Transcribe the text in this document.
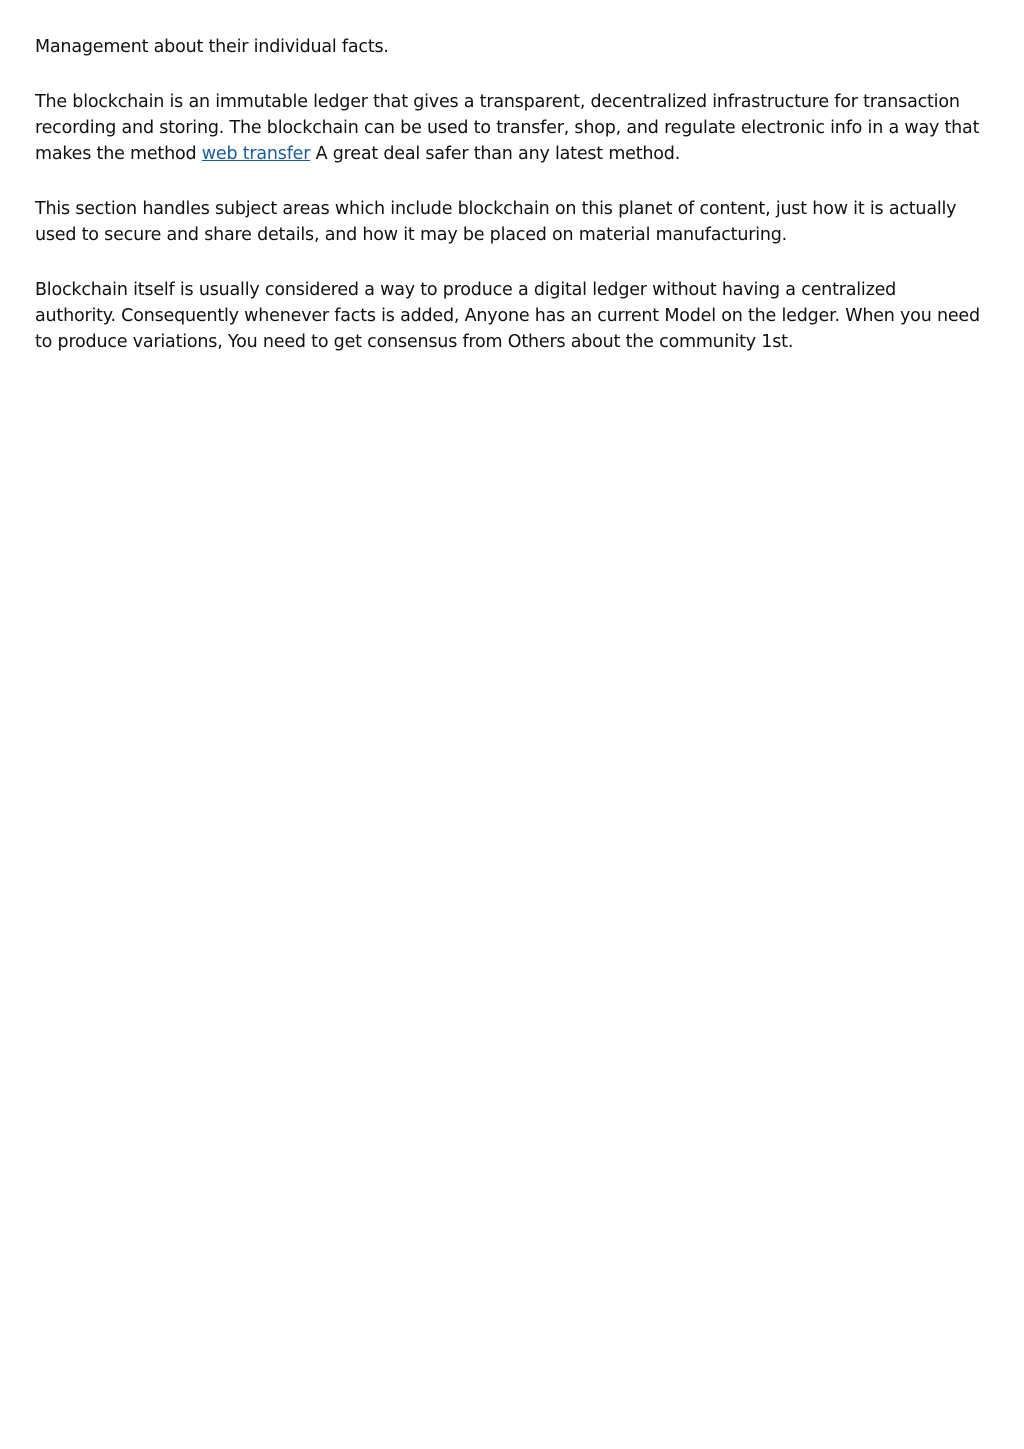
Management about their individual facts.

The blockchain is an immutable ledger that gives a transparent, decentralized infrastructure for transaction recording and storing. The blockchain can be used to transfer, shop, and regulate electronic info in a way that makes the method web transfer A great deal safer than any latest method.

This section handles subject areas which include blockchain on this planet of content, just how it is actually used to secure and share details, and how it may be placed on material manufacturing.

Blockchain itself is usually considered a way to produce a digital ledger without having a centralized authority. Consequently whenever facts is added, Anyone has an current Model on the ledger. When you need to produce variations, You need to get consensus from Others about the community 1st.
